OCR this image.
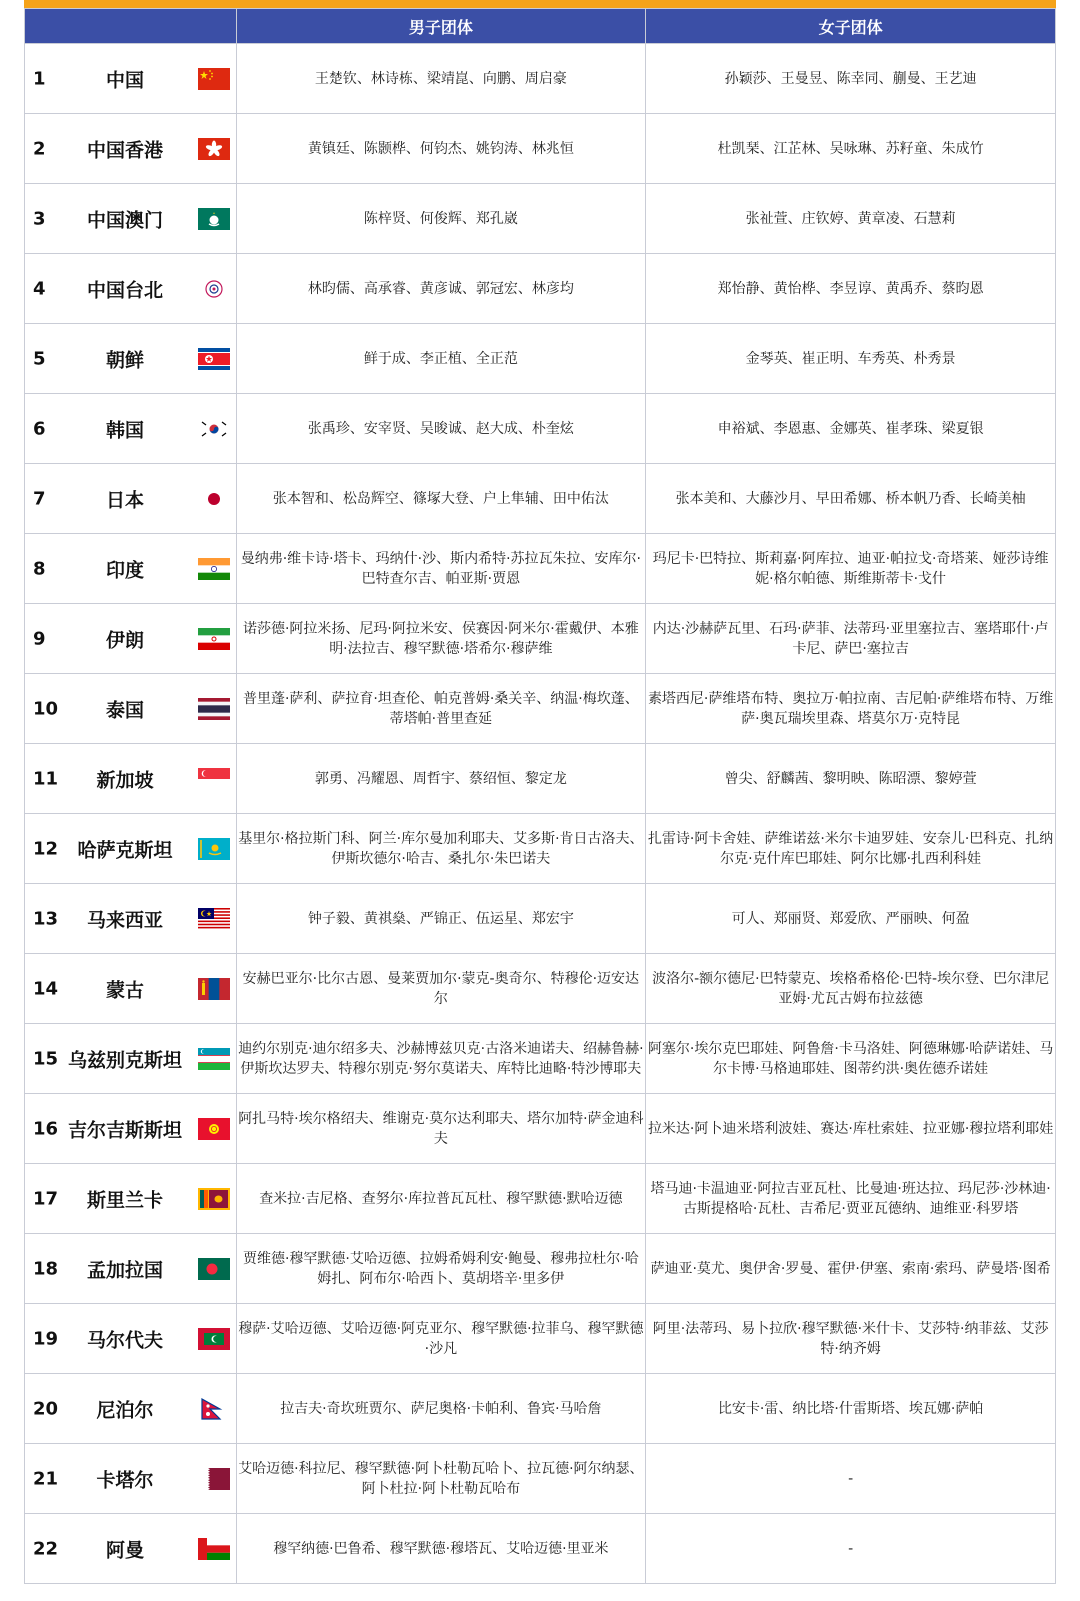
	男子团体	女子团体

1 中国	王楚钦、林诗栋、梁靖崑、向鹏、周启豪	孙颖莎、王曼昱、陈幸同、蒯曼、王艺迪

2 中国香港	黄镇廷、陈颢桦、何钧杰、姚钧涛、林兆恒	杜凯琹、江芷林、吴咏琳、苏籽童、朱成竹

3 中国澳门	陈梓贤、何俊辉、郑孔崴	张祉萱、庄钦婷、黄章凌、石慧莉

4 中国台北	林昀儒、高承睿、黄彦诚、郭冠宏、林彦均	郑怡静、黄怡桦、李昱谆、黄禹乔、蔡昀恩

5 朝鲜	鲜于成、李正植、全正范	金琴英、崔正明、车秀英、朴秀景

6 韩国	张禹珍、安宰贤、吴晙诚、赵大成、朴奎炫	申裕斌、李恩惠、金娜英、崔孝珠、梁夏银

7 日本	张本智和、松岛辉空、篠塚大登、户上隼辅、田中佑汰	张本美和、大藤沙月、早田希娜、桥本帆乃香、长崎美柚

8 印度	曼纳弗·维卡诗·塔卡、玛纳什·沙、斯内希特·苏拉瓦朱拉、安库尔·巴特查尔吉、帕亚斯·贾恩	玛尼卡·巴特拉、斯莉嘉·阿库拉、迪亚·帕拉戈·奇塔莱、娅莎诗维妮·格尔帕德、斯维斯蒂卡·戈什

9 伊朗	诺莎德·阿拉米扬、尼玛·阿拉米安、侯赛因·阿米尔·霍戴伊、本雅明·法拉吉、穆罕默德·塔希尔·穆萨维	内达·沙赫萨瓦里、石玛·萨菲、法蒂玛·亚里塞拉吉、塞塔耶什·卢卡尼、萨巴·塞拉吉

10 泰国	普里蓬·萨利、萨拉育·坦查伦、帕克普姆·桑关辛、纳温·梅坎蓬、蒂塔帕·普里查延	素塔西尼·萨维塔布特、奥拉万·帕拉南、吉尼帕·萨维塔布特、万维萨·奥瓦瑞埃里森、塔莫尔万·克特昆

11 新加坡	郭勇、冯耀恩、周哲宇、蔡绍恒、黎定龙	曾尖、舒麟茜、黎明映、陈昭漂、黎婷萱

12 哈萨克斯坦	基里尔·格拉斯门科、阿兰·库尔曼加利耶夫、艾多斯·肯日古洛夫、伊斯坎德尔·哈吉、桑扎尔·朱巴诺夫	扎雷诗·阿卡舍娃、萨维诺兹·米尔卡迪罗娃、安奈儿·巴科克、扎纳尔克·克什库巴耶娃、阿尔比娜·扎西利科娃

13 马来西亚	钟子毅、黄祺燊、严锦正、伍运星、郑宏宇	可人、郑丽贤、郑爱欣、严丽映、何盈

14 蒙古	安赫巴亚尔·比尔古恩、曼莱贾加尔·蒙克-奥奇尔、特穆伦·迈安达尔	波洛尔-额尔德尼·巴特蒙克、埃格希格伦·巴特-埃尔登、巴尔津尼亚姆·尤瓦古姆布拉兹德

15 乌兹别克斯坦	迪约尔别克·迪尔绍多夫、沙赫博兹贝克·古洛米迪诺夫、绍赫鲁赫·伊斯坎达罗夫、特穆尔别克·努尔莫诺夫、库特比迪略·特沙博耶夫	阿塞尔·埃尔克巴耶娃、阿鲁詹·卡马洛娃、阿德琳娜·哈萨诺娃、马尔卡博·马格迪耶娃、图蒂约洪·奥佐德乔诺娃

16 吉尔吉斯斯坦	阿扎马特·埃尔格绍夫、维谢克·莫尔达利耶夫、塔尔加特·萨金迪科夫	拉米达·阿卜迪米塔利波娃、赛达·库杜索娃、拉亚娜·穆拉塔利耶娃

17 斯里兰卡	查米拉·吉尼格、查努尔·库拉普瓦瓦杜、穆罕默德·默哈迈德	塔马迪·卡温迪亚·阿拉吉亚瓦杜、比曼迪·班达拉、玛尼莎·沙林迪·古斯提格哈·瓦杜、吉希尼·贾亚瓦德纳、迪维亚·科罗塔

18 孟加拉国	贾维德·穆罕默德·艾哈迈德、拉姆希姆利安·鲍曼、穆弗拉杜尔·哈姆扎、阿布尔·哈西卜、莫胡塔辛·里多伊	萨迪亚·莫尤、奥伊舍·罗曼、霍伊·伊塞、索南·索玛、萨曼塔·图希

19 马尔代夫	穆萨·艾哈迈德、艾哈迈德·阿克亚尔、穆罕默德·拉菲乌、穆罕默德·沙凡	阿里·法蒂玛、易卜拉欣·穆罕默德·米什卡、艾莎特·纳菲兹、艾莎特·纳齐姆

20 尼泊尔	拉吉夫·奇坎班贾尔、萨尼奥格·卡帕利、鲁宾·马哈詹	比安卡·雷、纳比塔·什雷斯塔、埃瓦娜·萨帕

21 卡塔尔	艾哈迈德·科拉尼、穆罕默德·阿卜杜勒瓦哈卜、拉瓦德·阿尔纳瑟、阿卜杜拉·阿卜杜勒瓦哈布	-

22 阿曼	穆罕纳德·巴鲁希、穆罕默德·穆塔瓦、艾哈迈德·里亚米	-
